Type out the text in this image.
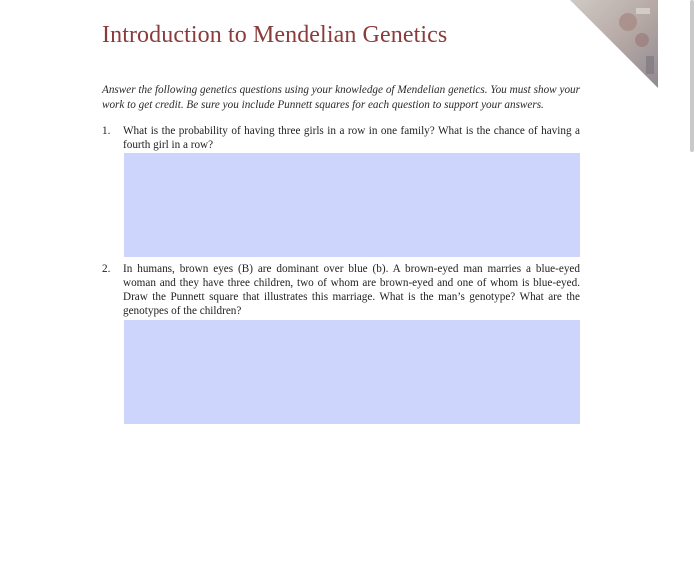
Introduction to Mendelian Genetics

Answer the following genetics questions using your knowledge of Mendelian genetics. You must show your work to get credit. Be sure you include Punnett squares for each question to support your answers.

1.	What is the probability of having three girls in a row in one family? What is the chance of having a fourth girl in a row?
2.	In humans, brown eyes (B) are dominant over blue (b). A brown-eyed man marries a blue-eyed woman and they have three children, two of whom are brown-eyed and one of whom is blue-eyed. Draw the Punnett square that illustrates this marriage. What is the man’s genotype? What are the genotypes of the children?
